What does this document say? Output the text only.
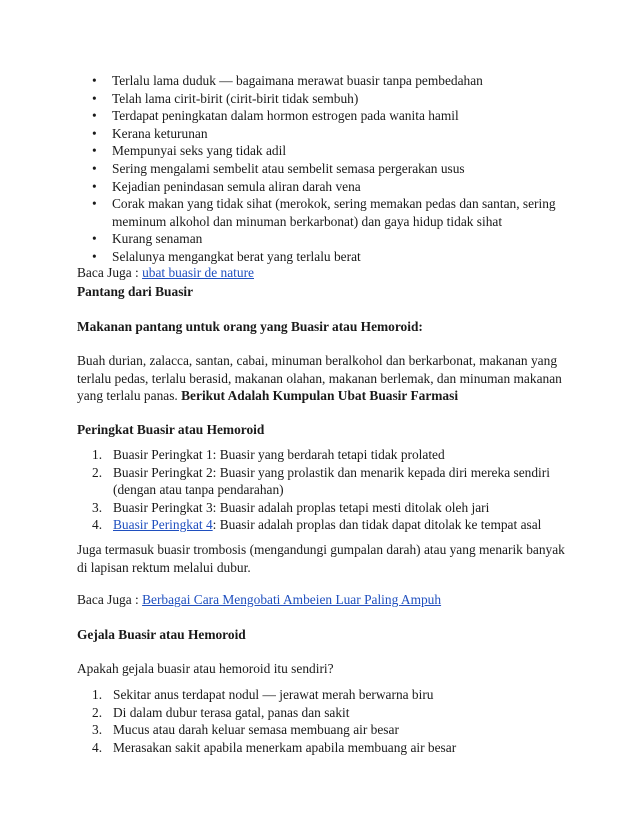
• Terlalu lama duduk — bagaimana merawat buasir tanpa pembedahan
• Telah lama cirit-birit (cirit-birit tidak sembuh)
• Terdapat peningkatan dalam hormon estrogen pada wanita hamil
• Kerana keturunan
• Mempunyai seks yang tidak adil
• Sering mengalami sembelit atau sembelit semasa pergerakan usus
• Kejadian penindasan semula aliran darah vena
• Corak makan yang tidak sihat (merokok, sering memakan pedas dan santan, sering meminum alkohol dan minuman berkarbonat) dan gaya hidup tidak sihat
• Kurang senaman
• Selalunya mengangkat berat yang terlalu berat

Baca Juga : ubat buasir de nature

Pantang dari Buasir

Makanan pantang untuk orang yang Buasir atau Hemoroid:

Buah durian, zalacca, santan, cabai, minuman beralkohol dan berkarbonat, makanan yang terlalu pedas, terlalu berasid, makanan olahan, makanan berlemak, dan minuman makanan yang terlalu panas. Berikut Adalah Kumpulan Ubat Buasir Farmasi

Peringkat Buasir atau Hemoroid

1. Buasir Peringkat 1: Buasir yang berdarah tetapi tidak prolated
2. Buasir Peringkat 2: Buasir yang prolastik dan menarik kepada diri mereka sendiri (dengan atau tanpa pendarahan)
3. Buasir Peringkat 3: Buasir adalah proplas tetapi mesti ditolak oleh jari
4. Buasir Peringkat 4: Buasir adalah proplas dan tidak dapat ditolak ke tempat asal

Juga termasuk buasir trombosis (mengandungi gumpalan darah) atau yang menarik banyak di lapisan rektum melalui dubur.

Baca Juga : Berbagai Cara Mengobati Ambeien Luar Paling Ampuh

Gejala Buasir atau Hemoroid

Apakah gejala buasir atau hemoroid itu sendiri?

1. Sekitar anus terdapat nodul — jerawat merah berwarna biru
2. Di dalam dubur terasa gatal, panas dan sakit
3. Mucus atau darah keluar semasa membuang air besar
4. Merasakan sakit apabila menerkam apabila membuang air besar
